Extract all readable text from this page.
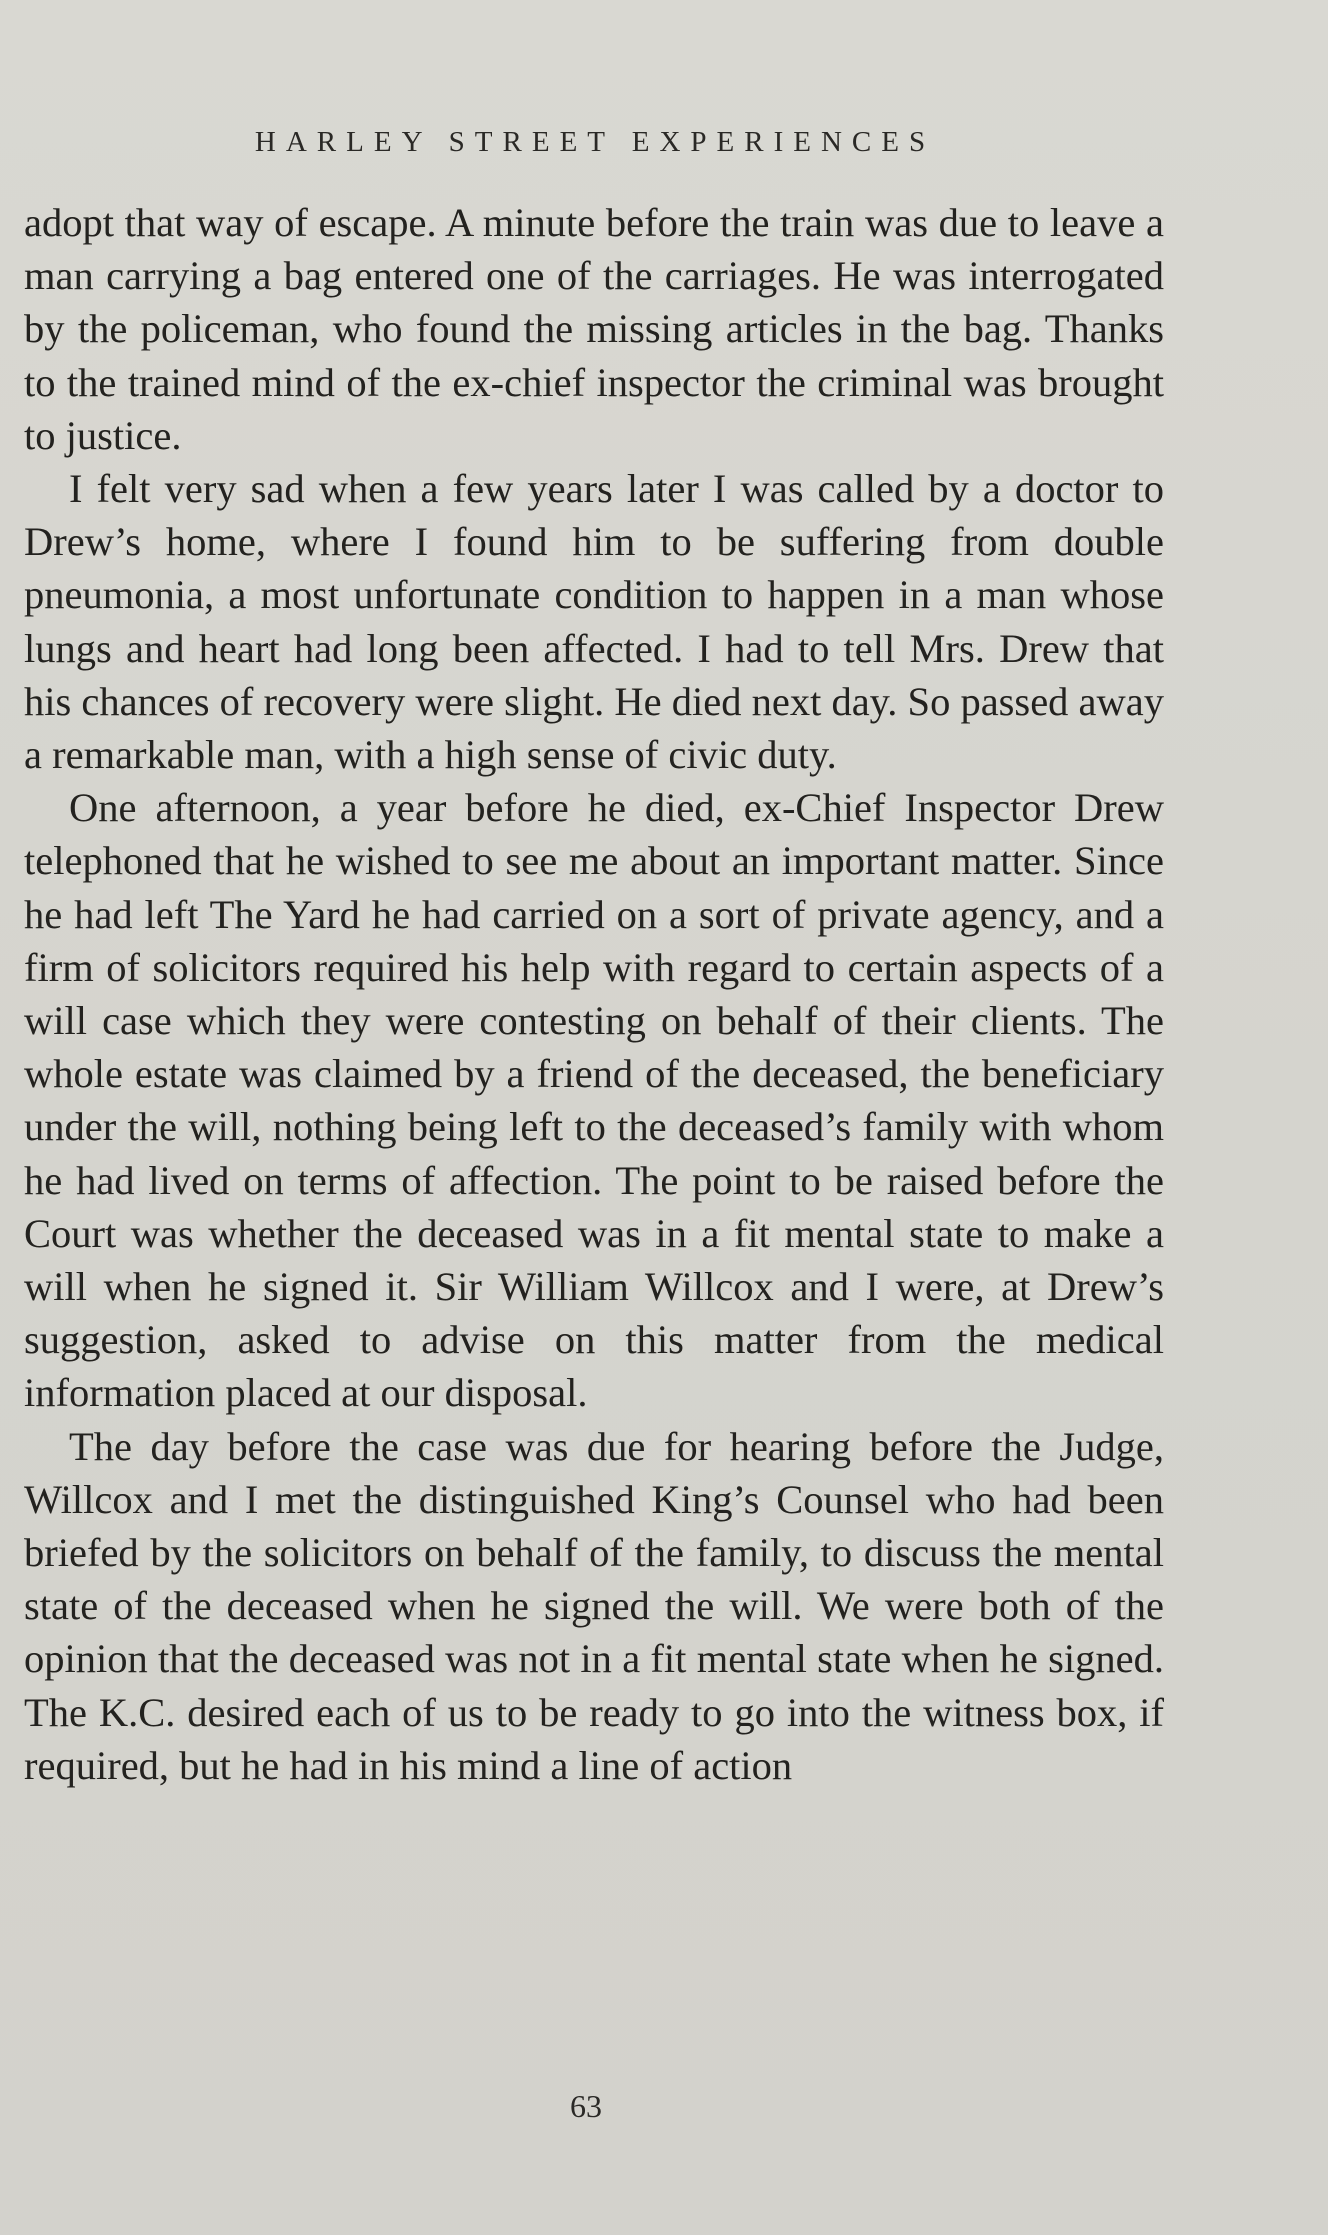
HARLEY STREET EXPERIENCES

adopt that way of escape. A minute before the train was due to leave a man carrying a bag entered one of the carriages. He was interrogated by the policeman, who found the missing articles in the bag. Thanks to the trained mind of the ex-chief inspector the criminal was brought to justice.

I felt very sad when a few years later I was called by a doctor to Drew’s home, where I found him to be suffering from double pneumonia, a most unfortunate condition to happen in a man whose lungs and heart had long been affected. I had to tell Mrs. Drew that his chances of recovery were slight. He died next day. So passed away a remarkable man, with a high sense of civic duty.

One afternoon, a year before he died, ex-Chief Inspector Drew telephoned that he wished to see me about an important matter. Since he had left The Yard he had carried on a sort of private agency, and a firm of solicitors required his help with regard to certain aspects of a will case which they were contesting on behalf of their clients. The whole estate was claimed by a friend of the deceased, the beneficiary under the will, nothing being left to the deceased’s family with whom he had lived on terms of affection. The point to be raised before the Court was whether the deceased was in a fit mental state to make a will when he signed it. Sir William Willcox and I were, at Drew’s suggestion, asked to advise on this matter from the medical information placed at our disposal.

The day before the case was due for hearing before the Judge, Willcox and I met the distinguished King’s Counsel who had been briefed by the solicitors on behalf of the family, to discuss the mental state of the deceased when he signed the will. We were both of the opinion that the deceased was not in a fit mental state when he signed. The K.C. desired each of us to be ready to go into the witness box, if required, but he had in his mind a line of action

63
